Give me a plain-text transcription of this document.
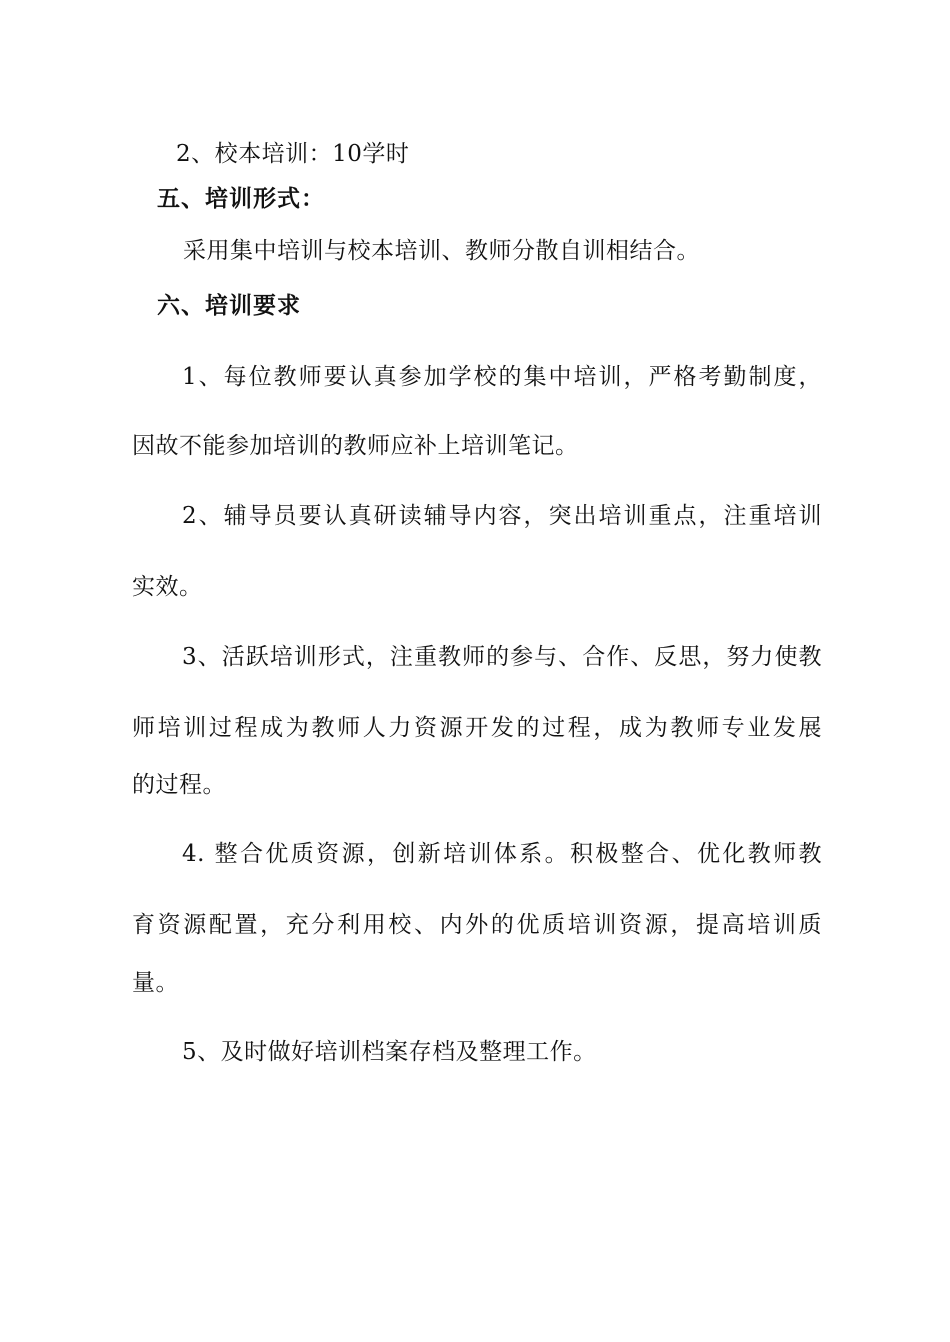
2、校本培训：10学时
五、培训形式：
采用集中培训与校本培训、教师分散自训相结合。
六、培训要求
1、每位教师要认真参加学校的集中培训，严格考勤制度，
因故不能参加培训的教师应补上培训笔记。
2、辅导员要认真研读辅导内容，突出培训重点，注重培训
实效。
3、活跃培训形式，注重教师的参与、合作、反思，努力使教
师培训过程成为教师人力资源开发的过程，成为教师专业发展
的过程。
4. 整合优质资源，创新培训体系。积极整合、优化教师教
育资源配置，充分利用校、内外的优质培训资源，提高培训质
量。
5、及时做好培训档案存档及整理工作。
